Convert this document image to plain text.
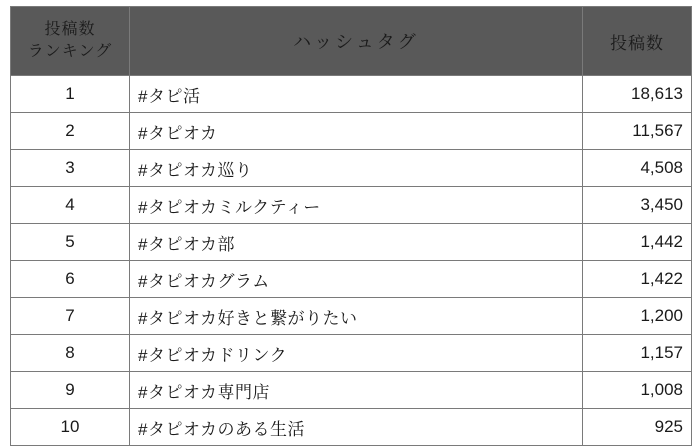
投稿数
ランキング	ハッシュタグ	投稿数
1	#タピ活	18,613
2	#タピオカ	11,567
3	#タピオカ巡り	4,508
4	#タピオカミルクティー	3,450
5	#タピオカ部	1,442
6	#タピオカグラム	1,422
7	#タピオカ好きと繋がりたい	1,200
8	#タピオカドリンク	1,157
9	#タピオカ専門店	1,008
10	#タピオカのある生活	925
